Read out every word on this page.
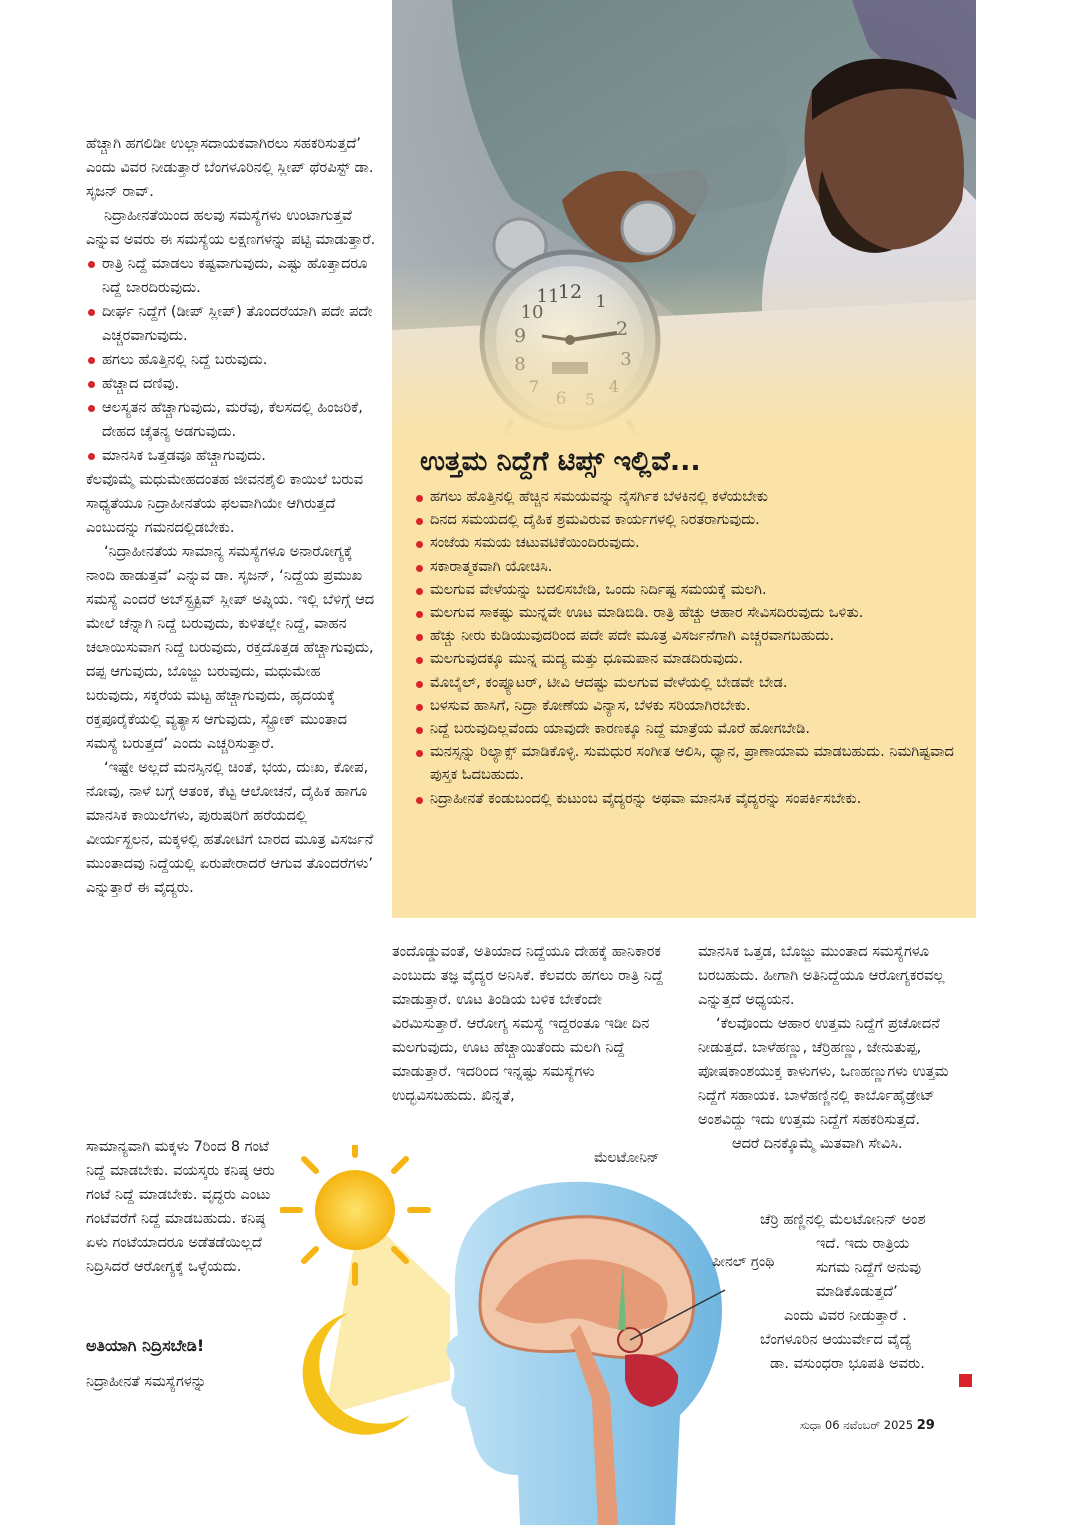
ಉತ್ತಮ ನಿದ್ದೆಗೆ ಟಿಪ್ಸ್ ಇಲ್ಲಿವೆ...
ಹಗಲು ಹೊತ್ತಿನಲ್ಲಿ ಹೆಚ್ಚಿನ ಸಮಯವನ್ನು ನೈಸರ್ಗಿಕ ಬೆಳಕಿನಲ್ಲಿ ಕಳೆಯಬೇಕು
ದಿನದ ಸಮಯದಲ್ಲಿ ದೈಹಿಕ ಶ್ರಮವಿರುವ ಕಾರ್ಯಗಳಲ್ಲಿ ನಿರತರಾಗುವುದು.
ಸಂಜೆಯ ಸಮಯ ಚಟುವಟಿಕೆಯಿಂದಿರುವುದು.
ಸಕಾರಾತ್ಮಕವಾಗಿ ಯೋಚಿಸಿ.
ಮಲಗುವ ವೇಳೆಯನ್ನು ಬದಲಿಸಬೇಡಿ, ಒಂದು ನಿರ್ದಿಷ್ಟ ಸಮಯಕ್ಕೆ ಮಲಗಿ.
ಮಲಗುವ ಸಾಕಷ್ಟು ಮುನ್ನವೇ ಊಟ ಮಾಡಿಬಿಡಿ. ರಾತ್ರಿ ಹೆಚ್ಚು ಆಹಾರ ಸೇವಿಸದಿರುವುದು ಒಳಿತು.
ಹೆಚ್ಚು ನೀರು ಕುಡಿಯುವುದರಿಂದ ಪದೇ ಪದೇ ಮೂತ್ರ ವಿಸರ್ಜನೆಗಾಗಿ ಎಚ್ಚರವಾಗಬಹುದು.
ಮಲಗುವುದಕ್ಕೂ ಮುನ್ನ ಮದ್ಯ ಮತ್ತು ಧೂಮಪಾನ ಮಾಡದಿರುವುದು.
ಮೊಬೈಲ್, ಕಂಪ್ಯೂಟರ್, ಟೀವಿ ಆದಷ್ಟು ಮಲಗುವ ವೇಳೆಯಲ್ಲಿ ಬೇಡವೇ ಬೇಡ.
ಬಳಸುವ ಹಾಸಿಗೆ, ನಿದ್ರಾ ಕೋಣೆಯ ವಿನ್ಯಾಸ, ಬೆಳಕು ಸರಿಯಾಗಿರಬೇಕು.
ನಿದ್ದೆ ಬರುವುದಿಲ್ಲವೆಂದು ಯಾವುದೇ ಕಾರಣಕ್ಕೂ ನಿದ್ದೆ ಮಾತ್ರೆಯ ಮೊರೆ ಹೋಗಬೇಡಿ.
ಮನಸ್ಸನ್ನು ರಿಲ್ಯಾಕ್ಸ್ ಮಾಡಿಕೊಳ್ಳಿ. ಸುಮಧುರ ಸಂಗೀತ ಆಲಿಸಿ, ಧ್ಯಾನ, ಪ್ರಾಣಾಯಾಮ ಮಾಡಬಹುದು. ನಿಮಗಿಷ್ಟವಾದ ಪುಸ್ತಕ ಓದಬಹುದು.
ನಿದ್ರಾಹೀನತೆ ಕಂಡುಬಂದಲ್ಲಿ ಕುಟುಂಬ ವೈದ್ಯರನ್ನು ಅಥವಾ ಮಾನಸಿಕ ವೈದ್ಯರನ್ನು ಸಂಪರ್ಕಿಸಬೇಕು.

ಹೆಚ್ಚಾಗಿ ಹಗಲಿಡೀ ಉಲ್ಲಾಸದಾಯಕವಾಗಿರಲು ಸಹಕರಿಸುತ್ತದೆ’ ಎಂದು ವಿವರ ನೀಡುತ್ತಾರೆ ಬೆಂಗಳೂರಿನಲ್ಲಿ ಸ್ಲೀಪ್ ಥೆರಪಿಸ್ಟ್ ಡಾ. ಸೃಜನ್ ರಾವ್.

ನಿದ್ರಾಹೀನತೆಯಿಂದ ಹಲವು ಸಮಸ್ಯೆಗಳು ಉಂಟಾಗುತ್ತವೆ ಎನ್ನುವ ಅವರು ಈ ಸಮಸ್ಯೆಯ ಲಕ್ಷಣಗಳನ್ನು ಪಟ್ಟಿ ಮಾಡುತ್ತಾರೆ.

ರಾತ್ರಿ ನಿದ್ದೆ ಮಾಡಲು ಕಷ್ಟವಾಗುವುದು, ಎಷ್ಟು ಹೊತ್ತಾದರೂ ನಿದ್ದೆ ಬಾರದಿರುವುದು.
ದೀರ್ಘ ನಿದ್ದೆಗೆ (ಡೀಪ್ ಸ್ಲೀಪ್) ತೊಂದರೆಯಾಗಿ ಪದೇ ಪದೇ ಎಚ್ಚರವಾಗುವುದು.
ಹಗಲು ಹೊತ್ತಿನಲ್ಲಿ ನಿದ್ದೆ ಬರುವುದು.
ಹೆಚ್ಚಾದ ದಣಿವು.
ಆಲಸ್ಯತನ ಹೆಚ್ಚಾಗುವುದು, ಮರೆವು, ಕೆಲಸದಲ್ಲಿ ಹಿಂಜರಿಕೆ, ದೇಹದ ಚೈತನ್ಯ ಅಡಗುವುದು.
ಮಾನಸಿಕ ಒತ್ತಡವೂ ಹೆಚ್ಚಾಗುವುದು.

ಕೆಲವೊಮ್ಮೆ ಮಧುಮೇಹದಂತಹ ಜೀವನಶೈಲಿ ಕಾಯಿಲೆ ಬರುವ ಸಾಧ್ಯತೆಯೂ ನಿದ್ರಾಹೀನತೆಯ ಫಲವಾಗಿಯೇ ಆಗಿರುತ್ತದೆ ಎಂಬುದನ್ನು ಗಮನದಲ್ಲಿಡಬೇಕು.

‘ನಿದ್ರಾಹೀನತೆಯ ಸಾಮಾನ್ಯ ಸಮಸ್ಯೆಗಳೂ ಅನಾರೋಗ್ಯಕ್ಕೆ ನಾಂದಿ ಹಾಡುತ್ತವೆ’ ಎನ್ನುವ ಡಾ. ಸೃಜನ್, ‘ನಿದ್ದೆಯ ಪ್ರಮುಖ ಸಮಸ್ಯೆ ಎಂದರೆ ಅಬ್‌ಸ್ಟ್ರಕ್ಟಿವ್ ಸ್ಲೀಪ್ ಅಪ್ನಿಯ. ಇಲ್ಲಿ ಬೆಳಿಗ್ಗೆ ಆದ ಮೇಲೆ ಚೆನ್ನಾಗಿ ನಿದ್ದೆ ಬರುವುದು, ಕುಳಿತಲ್ಲೇ ನಿದ್ದೆ, ವಾಹನ ಚಲಾಯಿಸುವಾಗ ನಿದ್ದೆ ಬರುವುದು, ರಕ್ತದೊತ್ತಡ ಹೆಚ್ಚಾಗುವುದು, ದಪ್ಪ ಆಗುವುದು, ಬೊಜ್ಜು ಬರುವುದು, ಮಧುಮೇಹ ಬರುವುದು, ಸಕ್ಕರೆಯ ಮಟ್ಟ ಹೆಚ್ಚಾಗುವುದು, ಹೃದಯಕ್ಕೆ ರಕ್ತಪೂರೈಕೆಯಲ್ಲಿ ವ್ಯತ್ಯಾಸ ಆಗುವುದು, ಸ್ಟ್ರೋಕ್ ಮುಂತಾದ ಸಮಸ್ಯೆ ಬರುತ್ತದೆ’ ಎಂದು ಎಚ್ಚರಿಸುತ್ತಾರೆ.

‘ಇಷ್ಟೇ ಅಲ್ಲದೆ ಮನಸ್ಸಿನಲ್ಲಿ ಚಿಂತೆ, ಭಯ, ದುಃಖ, ಕೋಪ, ನೋವು, ನಾಳೆ ಬಗ್ಗೆ ಆತಂಕ, ಕೆಟ್ಟ ಆಲೋಚನೆ, ದೈಹಿಕ ಹಾಗೂ ಮಾನಸಿಕ ಕಾಯಿಲೆಗಳು, ಪುರುಷರಿಗೆ ಹರೆಯದಲ್ಲಿ ವೀರ್ಯಸ್ಖಲನ, ಮಕ್ಕಳಲ್ಲಿ ಹತೋಟಿಗೆ ಬಾರದ ಮೂತ್ರ ವಿಸರ್ಜನೆ ಮುಂತಾದವು ನಿದ್ದೆಯಲ್ಲಿ ಏರುಪೇರಾದರೆ ಆಗುವ ತೊಂದರೆಗಳು’ ಎನ್ನುತ್ತಾರೆ ಈ ವೈದ್ಯರು.

ಸಾಮಾನ್ಯವಾಗಿ ಮಕ್ಕಳು 7ರಿಂದ 8 ಗಂಟೆ ನಿದ್ದೆ ಮಾಡಬೇಕು. ವಯಸ್ಕರು ಕನಿಷ್ಠ ಆರು ಗಂಟೆ ನಿದ್ದೆ ಮಾಡಬೇಕು. ವೃದ್ಧರು ಎಂಟು ಗಂಟೆವರೆಗೆ ನಿದ್ದೆ ಮಾಡಬಹುದು. ಕನಿಷ್ಠ ಏಳು ಗಂಟೆಯಾದರೂ ಅಡೆತಡೆಯಿಲ್ಲದೆ ನಿದ್ರಿಸಿದರೆ ಆರೋಗ್ಯಕ್ಕೆ ಒಳ್ಳೆಯದು.

ಅತಿಯಾಗಿ ನಿದ್ರಿಸಬೇಡಿ!
ನಿದ್ರಾಹೀನತೆ ಸಮಸ್ಯೆಗಳನ್ನು

ತಂದೊಡ್ಡುವಂತೆ, ಅತಿಯಾದ ನಿದ್ದೆಯೂ ದೇಹಕ್ಕೆ ಹಾನಿಕಾರಕ ಎಂಬುದು ತಜ್ಞ ವೈದ್ಯರ ಅನಿಸಿಕೆ. ಕೆಲವರು ಹಗಲು ರಾತ್ರಿ ನಿದ್ದೆ ಮಾಡುತ್ತಾರೆ. ಊಟ ತಿಂಡಿಯ ಬಳಿಕ ಬೇಕೆಂದೇ ವಿರಮಿಸುತ್ತಾರೆ. ಆರೋಗ್ಯ ಸಮಸ್ಯೆ ಇದ್ದರಂತೂ ಇಡೀ ದಿನ ಮಲಗುವುದು, ಊಟ ಹೆಚ್ಚಾಯಿತೆಂದು ಮಲಗಿ ನಿದ್ದೆ ಮಾಡುತ್ತಾರೆ. ಇದರಿಂದ ಇನ್ನಷ್ಟು ಸಮಸ್ಯೆಗಳು ಉದ್ಭವಿಸಬಹುದು. ಖಿನ್ನತೆ,

ಮಾನಸಿಕ ಒತ್ತಡ, ಬೊಜ್ಜು ಮುಂತಾದ ಸಮಸ್ಯೆಗಳೂ ಬರಬಹುದು. ಹೀಗಾಗಿ ಅತಿನಿದ್ದೆಯೂ ಆರೋಗ್ಯಕರವಲ್ಲ ಎನ್ನುತ್ತದೆ ಅಧ್ಯಯನ.

‘ಕೆಲವೊಂದು ಆಹಾರ ಉತ್ತಮ ನಿದ್ದೆಗೆ ಪ್ರಚೋದನೆ ನೀಡುತ್ತದೆ. ಬಾಳೆಹಣ್ಣು, ಚೆರ್‍ರಿಹಣ್ಣು, ಜೇನುತುಪ್ಪ, ಪೋಷಕಾಂಶಯುಕ್ತ ಕಾಳುಗಳು, ಒಣಹಣ್ಣುಗಳು ಉತ್ತಮ ನಿದ್ದೆಗೆ ಸಹಾಯಕ. ಬಾಳೆಹಣ್ಣಿನಲ್ಲಿ ಕಾರ್ಬೊಹೈಡ್ರೇಟ್ ಅಂಶವಿದ್ದು ಇದು ಉತ್ತಮ ನಿದ್ದೆಗೆ ಸಹಕರಿಸುತ್ತದೆ.

ಆದರೆ ದಿನಕ್ಕೊಮ್ಮೆ ಮಿತವಾಗಿ ಸೇವಿಸಿ.

ಚೆರ್‍ರಿ ಹಣ್ಣಿನಲ್ಲಿ ಮೆಲಟೋನಿನ್ ಅಂಶ
ಇದೆ. ಇದು ರಾತ್ರಿಯ
ಸುಗಮ ನಿದ್ದೆಗೆ ಅನುವು
ಮಾಡಿಕೊಡುತ್ತದೆ’
ಎಂದು ವಿವರ ನೀಡುತ್ತಾರೆ .
ಬೆಂಗಳೂರಿನ ಆಯುರ್ವೇದ ವೈದ್ಯೆ
ಡಾ. ವಸುಂಧರಾ ಭೂಪತಿ ಅವರು.
ಮೆಲಟೋನಿನ್
ಪೀನಲ್ ಗ್ರಂಥಿ
ಸುಧಾ 06 ನವೆಂಬರ್ 2025 29
